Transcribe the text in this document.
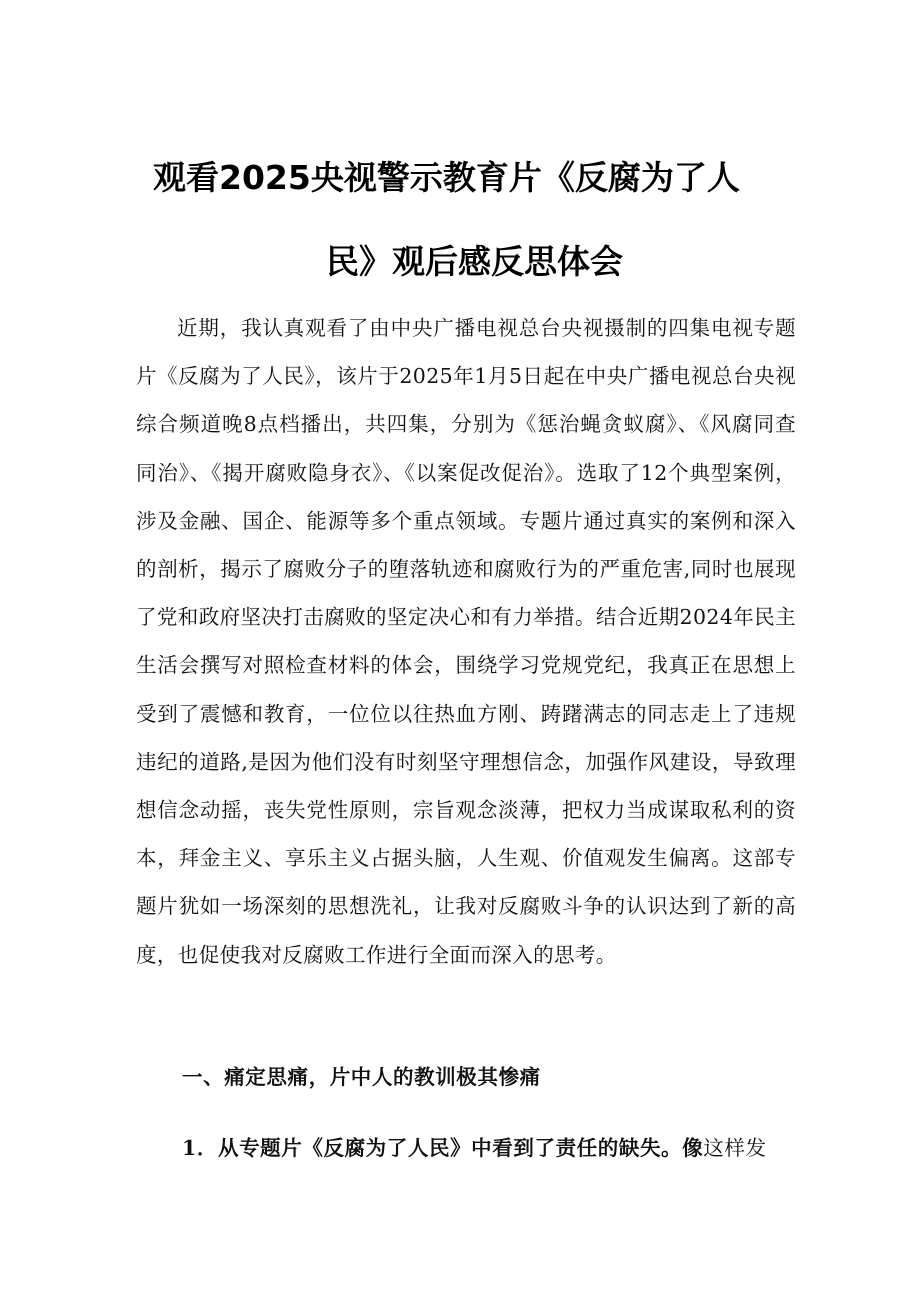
观看2025央视警示教育片《反腐为了人
民》观后感反思体会

近期，我认真观看了由中央广播电视总台央视摄制的四集电视专题片《反腐为了人民》，该片于2025年1月5日起在中央广播电视总台央视综合频道晚8点档播出，共四集，分别为《惩治蝇贪蚁腐》、《风腐同查同治》、《揭开腐败隐身衣》、《以案促改促治》。选取了12个典型案例，涉及金融、国企、能源等多个重点领域。专题片通过真实的案例和深入的剖析，揭示了腐败分子的堕落轨迹和腐败行为的严重危害,同时也展现了党和政府坚决打击腐败的坚定决心和有力举措。结合近期2024年民主生活会撰写对照检查材料的体会，围绕学习党规党纪，我真正在思想上受到了震憾和教育，一位位以往热血方刚、踌躇满志的同志走上了违规违纪的道路,是因为他们没有时刻坚守理想信念，加强作风建设，导致理想信念动摇，丧失党性原则，宗旨观念淡薄，把权力当成谋取私利的资本，拜金主义、享乐主义占据头脑，人生观、价值观发生偏离。这部专题片犹如一场深刻的思想洗礼，让我对反腐败斗争的认识达到了新的高度，也促使我对反腐败工作进行全面而深入的思考。

一、痛定思痛，片中人的教训极其惨痛

1．从专题片《反腐为了人民》中看到了责任的缺失。像这样发
